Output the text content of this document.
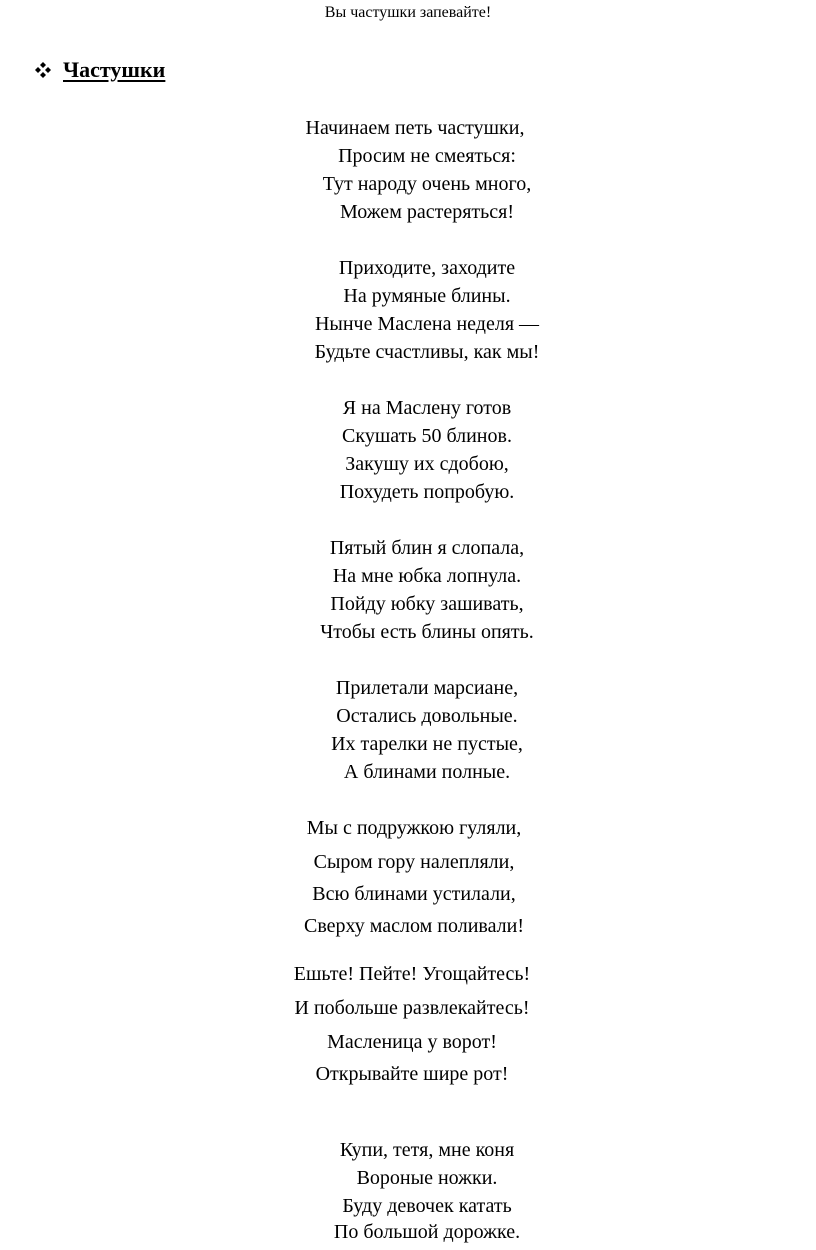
Вы частушки запевайте!
Частушки
Начинаем петь частушки,
Просим не смеяться:
Тут народу очень много,
Можем растеряться!
Приходите, заходите
На румяные блины.
Нынче Маслена неделя —
Будьте счастливы, как мы!
Я на Маслену готов
Скушать 50 блинов.
Закушу их сдобою,
Похудеть попробую.
Пятый блин я слопала,
На мне юбка лопнула.
Пойду юбку зашивать,
Чтобы есть блины опять.
Прилетали марсиане,
Остались довольные.
Их тарелки не пустые,
А блинами полные.
Мы с подружкою гуляли,
Сыром гору налепляли,
Всю блинами устилали,
Сверху маслом поливали!
Ешьте! Пейте! Угощайтесь!
И побольше развлекайтесь!
Масленица у ворот!
Открывайте шире рот!
Купи, тетя, мне коня
Вороные ножки.
Буду девочек катать
По большой дорожке.
